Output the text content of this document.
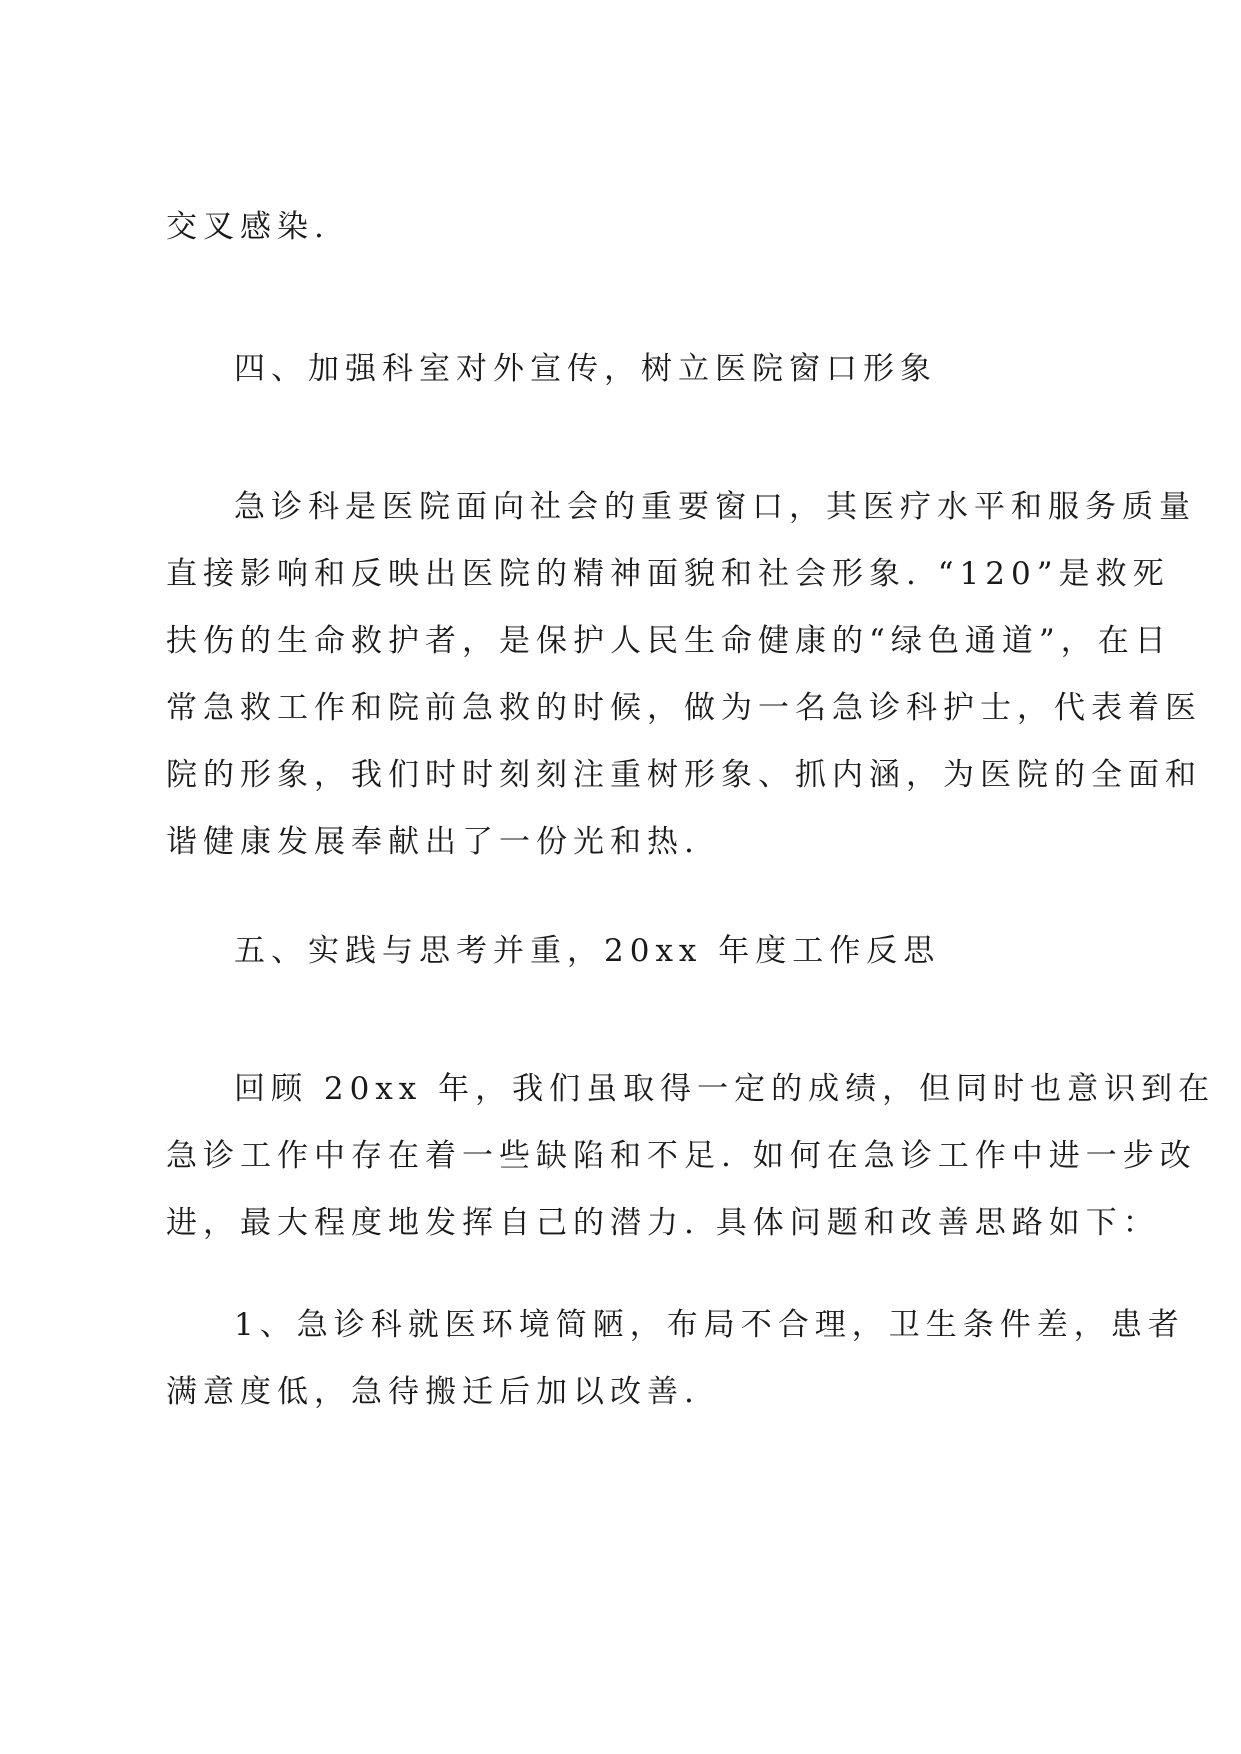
交叉感染.

四、加强科室对外宣传，树立医院窗口形象

急诊科是医院面向社会的重要窗口，其医疗水平和服务质量
直接影响和反映出医院的精神面貌和社会形象. “120”是救死
扶伤的生命救护者，是保护人民生命健康的“绿色通道”，在日
常急救工作和院前急救的时候，做为一名急诊科护士，代表着医
院的形象，我们时时刻刻注重树形象、抓内涵，为医院的全面和
谐健康发展奉献出了一份光和热.

五、实践与思考并重，20xx 年度工作反思

回顾 20xx 年，我们虽取得一定的成绩，但同时也意识到在
急诊工作中存在着一些缺陷和不足. 如何在急诊工作中进一步改
进，最大程度地发挥自己的潜力. 具体问题和改善思路如下：

1、急诊科就医环境简陋，布局不合理，卫生条件差，患者
满意度低，急待搬迁后加以改善.
